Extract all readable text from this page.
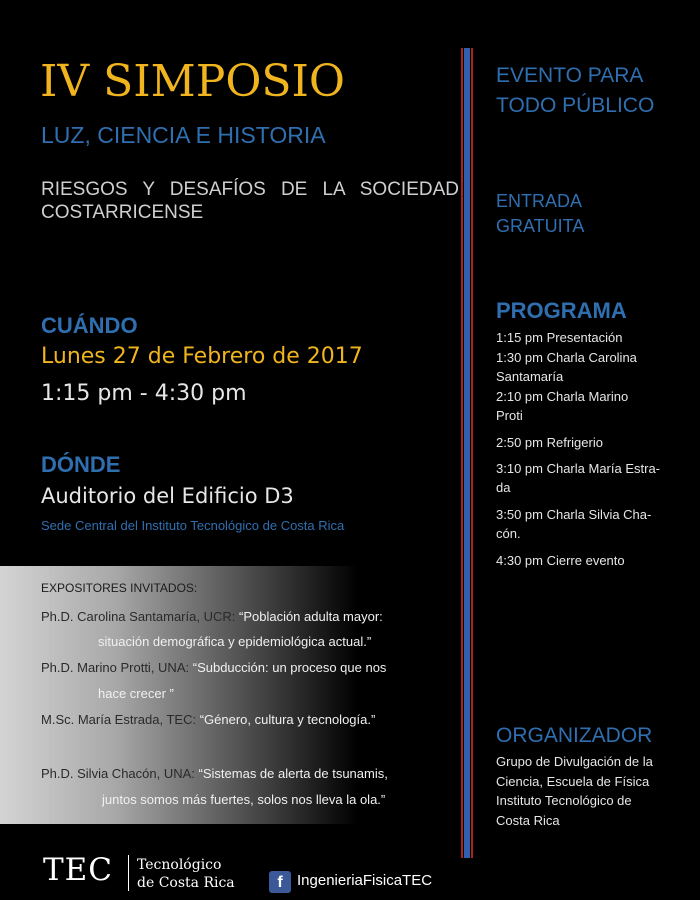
IV SIMPOSIO
LUZ, CIENCIA E HISTORIA
RIESGOS Y DESAFÍOS DE LA SOCIEDAD COSTARRICENSE
CUÁNDO
Lunes 27 de Febrero de 2017
1:15 pm - 4:30 pm
DÓNDE
Auditorio del Edificio D3
Sede Central del Instituto Tecnológico de Costa Rica
EXPOSITORES INVITADOS:
Ph.D. Carolina Santamaría, UCR: “Población adulta mayor:
situación demográfica y epidemiológica actual.”
Ph.D. Marino Protti, UNA: “Subducción: un proceso que nos
hace crecer ”
M.Sc. María Estrada, TEC: “Género, cultura y tecnología.”
Ph.D. Silvia Chacón, UNA: “Sistemas de alerta de tsunamis,
juntos somos más fuertes, solos nos lleva la ola.”
EVENTO PARA
TODO PÚBLICO
ENTRADA
GRATUITA
PROGRAMA
1:15 pm Presentación
1:30 pm Charla Carolina
Santamaría
2:10 pm Charla Marino
Proti
2:50 pm Refrigerio
3:10 pm Charla María Estra-
da
3:50 pm Charla Silvia Cha-
cón.
4:30 pm Cierre evento
ORGANIZADOR
Grupo de Divulgación de la
Ciencia, Escuela de Física
Instituto Tecnológico de
Costa Rica
TEC Tecnológico
de Costa Rica	f IngenieriaFisicaTEC
